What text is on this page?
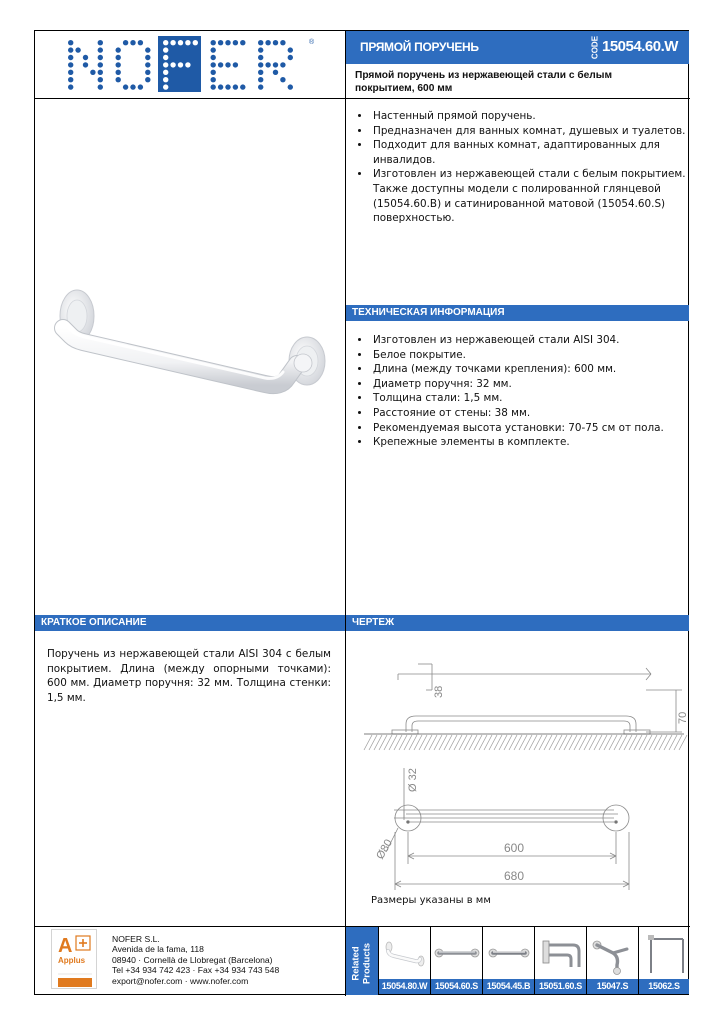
®	ПРЯМОЙ ПОРУЧЕНЬ	CODE 15054.60.W
Прямой поручень из нержавеющей стали с белым
покрытием, 600 мм
• Настенный прямой поручень.
• Предназначен для ванных комнат, душевых и туалетов.
• Подходит для ванных комнат, адаптированных для инвалидов.
• Изготовлен из нержавеющей стали с белым покрытием. Также доступны модели с полированной глянцевой (15054.60.B) и сатинированной матовой (15054.60.S) поверхностью.
ТЕХНИЧЕСКАЯ ИНФОРМАЦИЯ
• Изготовлен из нержавеющей стали AISI 304.
• Белое покрытие.
• Длина (между точками крепления): 600 мм.
• Диаметр поручня: 32 мм.
• Толщина стали: 1,5 мм.
• Расстояние от стены: 38 мм.
• Рекомендуемая высота установки: 70-75 см от пола.
• Крепежные элементы в комплекте.
КРАТКОЕ ОПИСАНИЕ	ЧЕРТЕЖ
Поручень из нержавеющей стали AISI 304 с белым покрытием. Длина (между опорными точками): 600 мм. Диаметр поручня: 32 мм. Толщина стенки: 1,5 мм.	38
70
Ø 32
Ø80	600
680
Размеры указаны в мм
A
Applus
NOFER S.L.
Avenida de la fama, 118
08940 · Cornellà de Llobregat (Barcelona)
Tel +34 934 742 423 · Fax +34 934 743 548
export@nofer.com · www.nofer.com	Related Products
15054.80.W 15054.60.S 15054.45.B 15051.60.S	15047.S	15062.S
